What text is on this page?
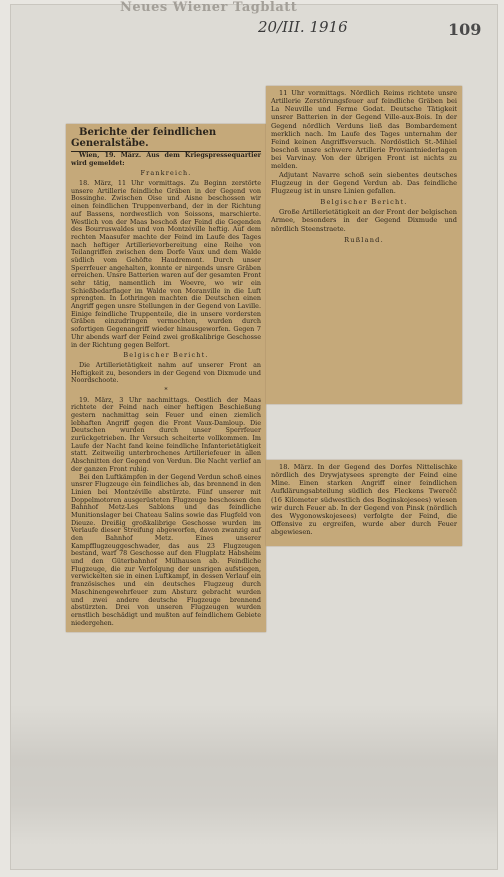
Neues Wiener Tagblatt
20/III. 1916	109

Berichte der feindlichen Generalstäbe.

Wien, 19. März. Aus dem Kriegspressequartier wird gemeldet:

Frankreich.

18. März, 11 Uhr vormittags. Zu Beginn zerstörte unsere Artillerie feindliche Gräben in der Gegend von Bossinghe. Zwischen Oise und Aisne beschossen wir einen feindlichen Truppenverband, der in der Richtung auf Bassens, nordwestlich von Soissons, marschierte. Westlich von der Maas beschoß der Feind die Gegenden des Bourruswaldes und von Montzéville heftig. Auf dem rechten Maasufer machte der Feind im Laufe des Tages nach heftiger Artillerievorbereitung eine Reihe von Teilangriffen zwischen dem Dorfe Vaux und dem Walde südlich vom Gehöfte Haudremont. Durch unser Sperrfeuer angehalten, konnte er nirgends unsre Gräben erreichen. Unsre Batterien waren auf der gesamten Front sehr tätig, namentlich im Woevre, wo wir ein Schießbedarflager im Walde von Moranville in die Luft sprengten. In Lothringen machten die Deutschen einen Angriff gegen unsre Stellungen in der Gegend von Laville. Einige feindliche Truppenteile, die in unsere vordersten Gräben einzudringen vermochten, wurden durch sofortigen Gegenangriff wieder hinausgeworfen. Gegen 7 Uhr abends warf der Feind zwei großkalibrige Geschosse in der Richtung gegen Belfort.

Belgischer Bericht.

Die Artillerietätigkeit nahm auf unserer Front an Heftigkeit zu, besonders in der Gegend von Dixmude und Noordschoote.

*

19. März, 3 Uhr nachmittags. Oestlich der Maas richtete der Feind nach einer heftigen Beschießung gestern nachmittag sein Feuer und einen ziemlich lebhaften Angriff gegen die Front Vaux-Damloup. Die Deutschen wurden durch unser Sperrfeuer zurückgetrieben. Ihr Versuch scheiterte vollkommen. Im Laufe der Nacht fand keine feindliche Infanterietätigkeit statt. Zeitweilig unterbrochenes Artilleriefeuer in allen Abschnitten der Gegend von Verdun. Die Nacht verlief an der ganzen Front ruhig.

Bei den Luftkämpfen in der Gegend Verdun schoß eines unsrer Flugzeuge ein feindliches ab, das brennend in den Linien bei Montzéville abstürzte. Fünf unserer mit Doppelmotoren ausgerüsteten Flugzeuge beschossen den Bahnhof Metz-Les Sablons und das feindliche Munitionslager bei Chateau Salins sowie das Flugfeld von Dieuze. Dreißig großkalibrige Geschosse wurden im Verlaufe dieser Streifung abgeworfen, davon zwanzig auf den Bahnhof Metz. Eines unserer Kampfflugzeuggeschwader, das aus 23 Flugzeugen bestand, warf 78 Geschosse auf den Flugplatz Habsheim und den Güterbahnhof Mülhausen ab. Feindliche Flugzeuge, die zur Verfolgung der unsrigen aufstiegen, verwickelten sie in einen Luftkampf, in dessen Verlauf ein französisches und ein deutsches Flugzeug durch Maschinengewehrfeuer zum Absturz gebracht wurden und zwei andere deutsche Flugzeuge brennend abstürzten. Drei von unseren Flugzeugen wurden ernstlich beschädigt und mußten auf feindlichem Gebiete niedergehen.

11 Uhr vormittags. Nördlich Reims richtete unsre Artillerie Zerstörungsfeuer auf feindliche Gräben bei La Neuville und Ferme Godat. Deutsche Tätigkeit unsrer Batterien in der Gegend Ville-aux-Bois. In der Gegend nördlich Verduns ließ das Bombardement merklich nach. Im Laufe des Tages unternahm der Feind keinen Angriffsversuch. Nordöstlich St.-Mihiel beschoß unsre schwere Artillerie Proviantniederlagen bei Varvinay. Von der übrigen Front ist nichts zu melden.

Adjutant Navarre schoß sein siebentes deutsches Flugzeug in der Gegend Verdun ab. Das feindliche Flugzeug ist in unsre Linien gefallen.

Belgischer Bericht.

Große Artillerietätigkeit an der Front der belgischen Armee, besonders in der Gegend Dixmude und nördlich Steenstraete.

Rußland.

18. März. In der Gegend des Dorfes Nittelischke nördlich des Drywjatysees sprengte der Feind eine Mine. Einen starken Angriff einer feindlichen Aufklärungsabteilung südlich des Fleckens Twerečč (16 Kilometer südwestlich des Boginskojesees) wiesen wir durch Feuer ab. In der Gegend von Pinsk (nördlich des Wygonowskojesees) verfolgte der Feind, die Offensive zu ergreifen, wurde aber durch Feuer abgewiesen.
